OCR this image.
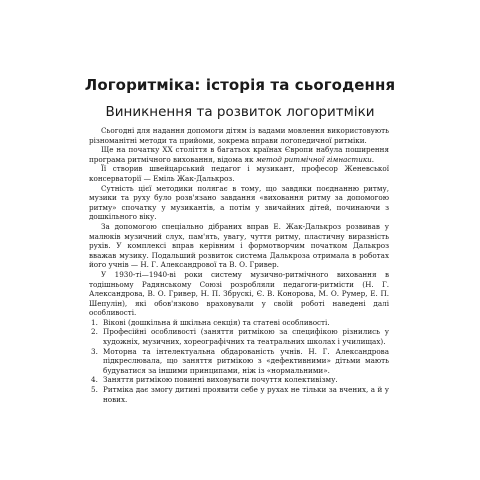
Логоритміка: історія та сьогодення
Виникнення та розвиток логоритміки

Сьогодні для надання допомоги дітям із вадами мовлення використовують різноманітні методи та прийоми, зокрема вправи логопедичної ритміки.

Ще на початку XX століття в багатьох країнах Європи набула поширення програма ритмічного виховання, відома як метод ритмічної гімнастики.

Її створив швейцарський педагог і музикант, професор Женевської консерваторії — Еміль Жак-Далькроз.

Сутність цієї методики полягає в тому, що завдяки поєднанню ритму, музики та руху було розв'язано завдання «виховання ритму за допомогою ритму» спочатку у музикантів, а потім у звичайних дітей, починаючи з дошкільного віку.

За допомогою спеціально дібраних вправ Е. Жак-Далькроз розвивав у малюків музичний слух, пам'ять, увагу, чуття ритму, пластичну виразність рухів. У комплексі вправ керівним і формотворчим початком Далькроз вважав музику. Подальший розвиток система Далькроза отримала в роботах його учнів — Н. Г. Александрової та В. О. Гривер.

У 1930-ті—1940-ві роки систему музично-ритмічного виховання в тодішньому Радянському Союзі розробляли педагоги-ритмісти (Н. Г. Александрова, В. О. Гривер, Н. П. Збрускі, Є. В. Конорова, М. О. Румер, Е. П. Шепулін), які обов'язково враховували у своїй роботі наведені далі особливості.

1. Вікові (дошкільна й шкільна секція) та статеві особливості.
2. Професійні особливості (заняття ритмікою за специфікою різнились у художніх, музичних, хореографічних та театральних школах і училищах).
3. Моторна та інтелектуальна обдарованість учнів. Н. Г. Александрова підкреслювала, що заняття ритмікою з «дефективними» дітьми мають будуватися за іншими принципами, ніж із «нормальними».
4. Заняття ритмікою повинні виховувати почуття колективізму.
5. Ритміка дає змогу дитині проявити себе у рухах не тільки за вчених, а й у нових.
